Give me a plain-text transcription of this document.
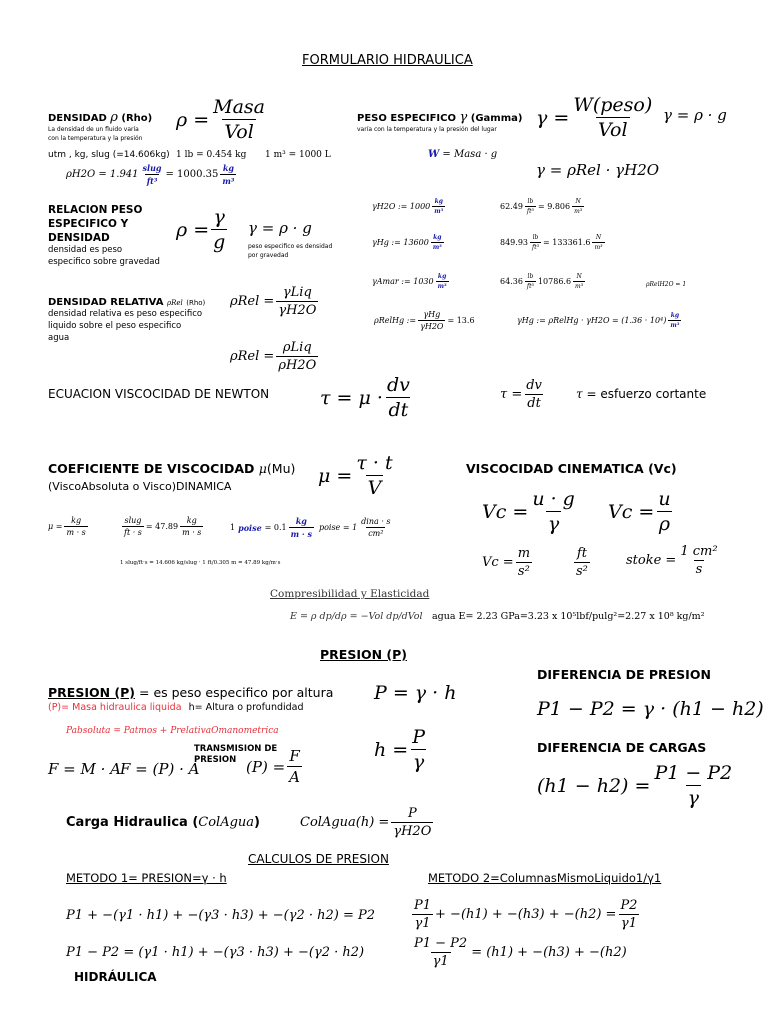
FORMULARIO HIDRAULICA
DENSIDAD ρ (Rho)
La densidad de un fluido varía
con la temperatura y la presión
$\rho = \frac{\text{Masa}}{\text{Vol}}$
utm , kg, slug (=14.606kg) 1 lb = 0.454 kg 1 m³ = 1000 L
$\rho H2O = 1.941 \frac{\text{slug}}{\text{ft³}} = 1000.35 \frac{kg}{\text{m³}}$
PESO ESPECIFICO γ (Gamma)
varía con la temperatura y la presión del lugar
$\gamma = \frac{\text{W(peso)}}{\text{Vol}}$ γ = ρ · g
W = Masa · g
γ = ρRel · γH2O
RELACION PESO
ESPECIFICO Y
DENSIDAD
densidad es peso
especifico sobre gravedad
$\rho = \frac{\gamma}{g}$ γ = ρ · g
peso especifico es densidad
por gravedad
γH2O := $1000 \frac{kg}{\text{m³}}$	$62.49 \frac{lb}{\text{ft³}} = 9.806 \frac{N}{\text{m³}}$
γHg := $13600 \frac{kg}{\text{m³}}$	$849.93 \frac{lb}{\text{ft³}} = 133361.6 \frac{N}{\text{m³}}$
γAmar := $1030 \frac{kg}{\text{m³}}$	$64.36 \frac{lb}{\text{ft³}} 10786.6 \frac{N}{\text{m³}}$	ρRelH2O = 1
ρRelHg := $\frac{\text{γHg}}{\gamma H2O} = 13.6$	γHg := ρRelHg · $\gamma H2O = (1.36 \cdot 10^4) \frac{kg}{\text{m³}}$
DENSIDAD RELATIVA ρRel (Rho)
densidad relativa es peso especifico
liquido sobre el peso especifico
agua
$\rho Rel = \frac{\text{γLiq}}{\gamma H2O}$
$\rho Rel = \frac{\text{ρLiq}}{\rho H2O}$
ECUACION VISCOCIDAD DE NEWTON	$\tau = \mu \cdot \frac{dv}{dt}$	$\tau = \frac{dv}{dt}$	τ = esfuerzo cortante
COEFICIENTE DE VISCOCIDAD μ(Mu)
(ViscoAbsoluta o Visco)DINAMICA	$\mu = \frac{\tau \cdot t}{V}$
$\mu = \frac{kg}{m \cdot s}$	$\frac{\text{slug}}{ft \cdot s} = 47.89 \frac{kg}{m \cdot s}$	1 poise = $0.1 \frac{kg}{m \cdot s}$ poise = $1 \frac{\text{dina · s}}{\text{cm²}}$
1 slug/ft·s = 14.606 kg/slug · 1 ft/0.305 m = 47.89 kg/m·s
VISCOCIDAD CINEMATICA (Vc)
$Vc = \frac{u \cdot g}{\gamma}$ $Vc = \frac{u}{\rho}$
$Vc = \frac{m}{\text{s²}}$	$\frac{ft}{\text{s²}}$	stoke = $\frac{\text{1 cm²}}{s}$
Compresibilidad y Elasticidad
E = ρ dp/dρ = −Vol dp/dVol agua E= 2.23 GPa=3.23 x 10⁵lbf/pulg²=2.27 x 10⁸ kg/m²
PRESION (P)
PRESION (P) = es peso especifico por altura
(P)= Masa hidraulica liquida h= Altura o profundidad
Pabsoluta = Patmos + PrelativaOmanometrica
P = γ · h
$h = \frac{P}{\gamma}$
F = M · A
F = (P) · A
TRANSMISION DE
PRESION $(P) = \frac{F}{A}$
Carga Hidraulica (ColAgua)	ColAgua(h) = $\frac{P}{\gamma H2O}$
DIFERENCIA DE PRESION
P1 − P2 = γ · (h1 − h2)
DIFERENCIA DE CARGAS
$(h1 - h2) = \frac{P1 - P2}{\gamma}$
CALCULOS DE PRESION
METODO 1= PRESION=γ · h	METODO 2=ColumnasMismoLiquido1/γ1
P1 + −(γ1 · h1) + −(γ3 · h3) + −(γ2 · h2) = P2
P1 − P2 = (γ1 · h1) + −(γ3 · h3) + −(γ2 · h2)
$\frac{P1}{\gamma 1} + -(h1) + -(h3) + -(h2) = \frac{P2}{\gamma 1}$
$\frac{P1 - P2}{\gamma 1} = (h1) + -(h3) + -(h2)$
HIDRÁULICA
